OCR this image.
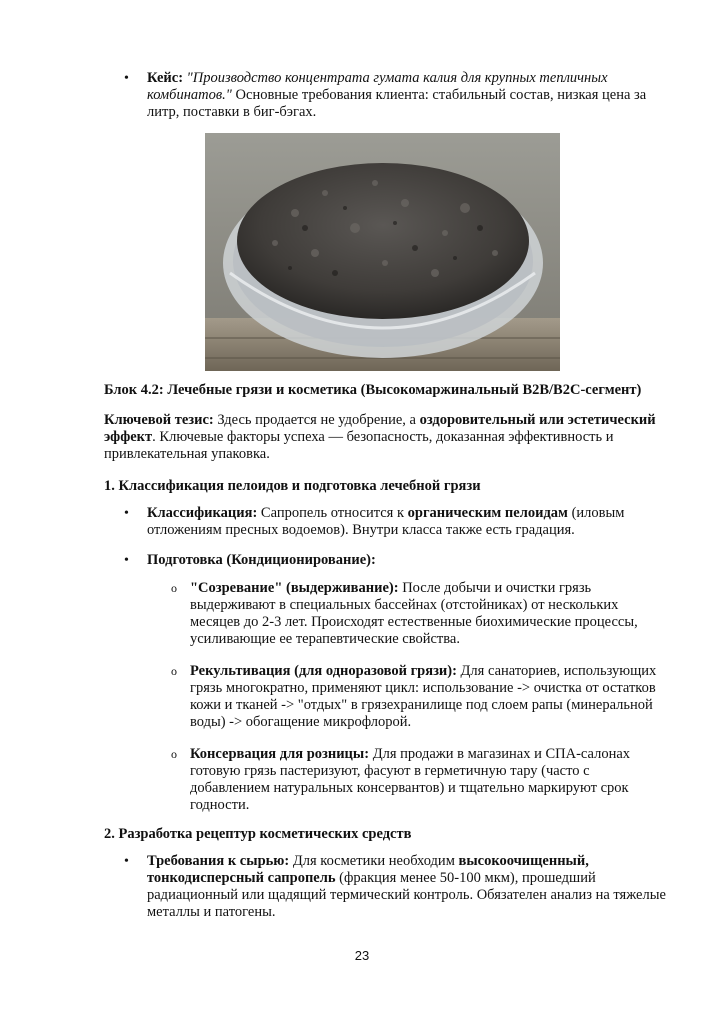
• Кейс: "Производство концентрата гумата калия для крупных тепличных

комбинатов." Основные требования клиента: стабильный состав, низкая цена за

литр, поставки в биг-бэгах.

Блок 4.2: Лечебные грязи и косметика (Высокомаржинальный B2B/B2C-сегмент)

Ключевой тезис: Здесь продается не удобрение, а оздоровительный или эстетический

эффект. Ключевые факторы успеха — безопасность, доказанная эффективность и

привлекательная упаковка.

1. Классификация пелоидов и подготовка лечебной грязи

• Классификация: Сапропель относится к органическим пелоидам (иловым

отложениям пресных водоемов). Внутри класса также есть градация.

• Подготовка (Кондиционирование):

o "Созревание" (выдерживание): После добычи и очистки грязь

выдерживают в специальных бассейнах (отстойниках) от нескольких

месяцев до 2-3 лет. Происходят естественные биохимические процессы,

усиливающие ее терапевтические свойства.

o Рекультивация (для одноразовой грязи): Для санаториев, использующих

грязь многократно, применяют цикл: использование -> очистка от остатков

кожи и тканей -> "отдых" в грязехранилище под слоем рапы (минеральной

воды) -> обогащение микрофлорой.

o Консервация для розницы: Для продажи в магазинах и СПА-салонах

готовую грязь пастеризуют, фасуют в герметичную тару (часто с

добавлением натуральных консервантов) и тщательно маркируют срок

годности.

2. Разработка рецептур косметических средств

• Требования к сырью: Для косметики необходим высокоочищенный,

тонкодисперсный сапропель (фракция менее 50-100 мкм), прошедший

радиационный или щадящий термический контроль. Обязателен анализ на тяжелые

металлы и патогены.

23
